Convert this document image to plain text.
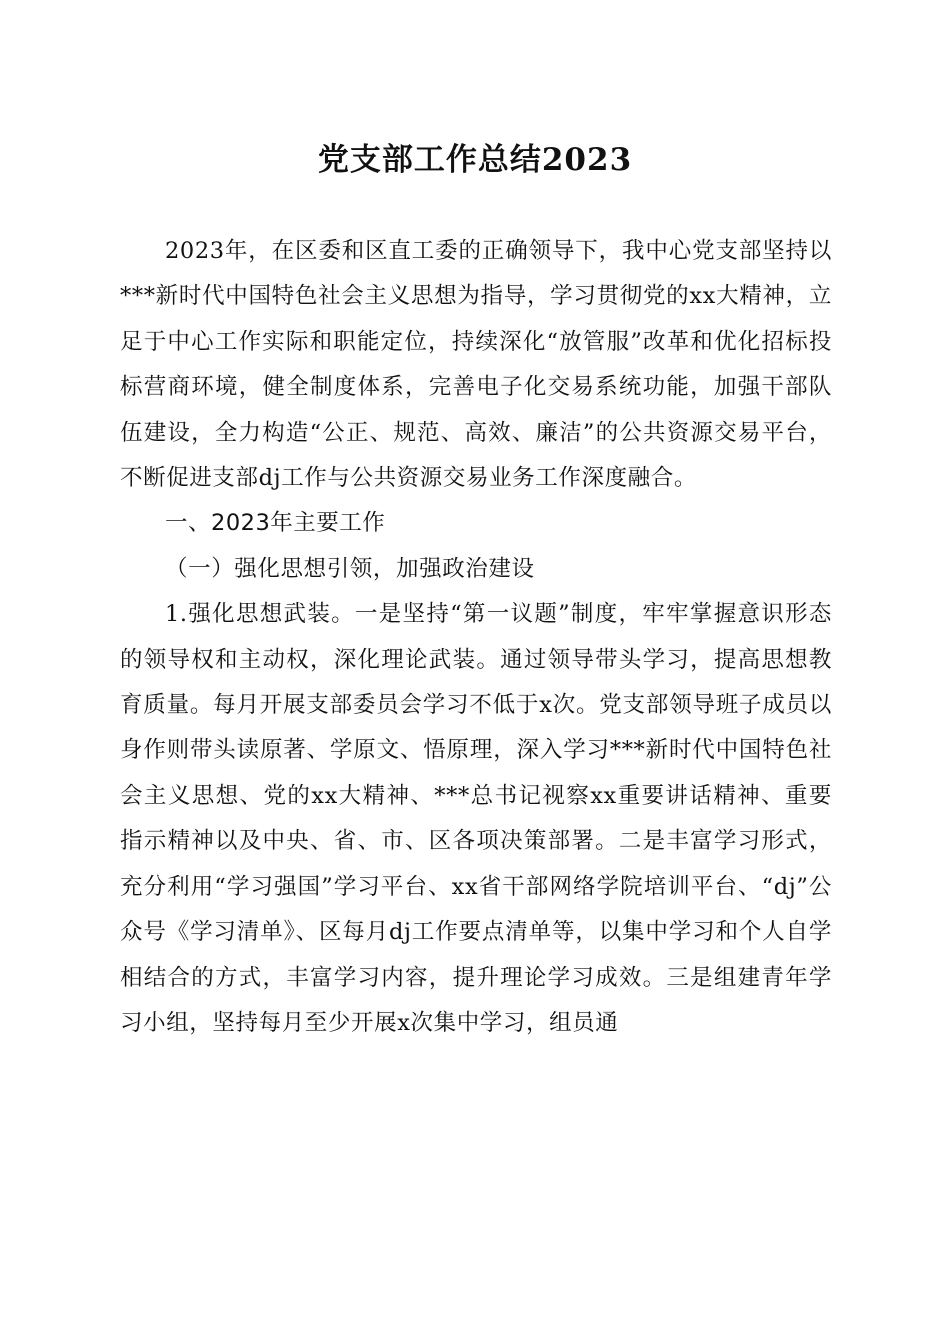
党支部工作总结2023

2023年，在区委和区直工委的正确领导下，我中心党支部坚持以***新时代中国特色社会主义思想为指导，学习贯彻党的xx大精神，立足于中心工作实际和职能定位，持续深化“放管服”改革和优化招标投标营商环境，健全制度体系，完善电子化交易系统功能，加强干部队伍建设，全力构造“公正、规范、高效、廉洁”的公共资源交易平台，不断促进支部dj工作与公共资源交易业务工作深度融合。

一、2023年主要工作

（一）强化思想引领，加强政治建设

1.强化思想武装。一是坚持“第一议题”制度，牢牢掌握意识形态的领导权和主动权，深化理论武装。通过领导带头学习，提高思想教育质量。每月开展支部委员会学习不低于x次。党支部领导班子成员以身作则带头读原著、学原文、悟原理，深入学习***新时代中国特色社会主义思想、党的xx大精神、***总书记视察xx重要讲话精神、重要指示精神以及中央、省、市、区各项决策部署。二是丰富学习形式，充分利用“学习强国”学习平台、xx省干部网络学院培训平台、“dj”公众号《学习清单》、区每月dj工作要点清单等，以集中学习和个人自学相结合的方式，丰富学习内容，提升理论学习成效。三是组建青年学习小组，坚持每月至少开展x次集中学习，组员通
